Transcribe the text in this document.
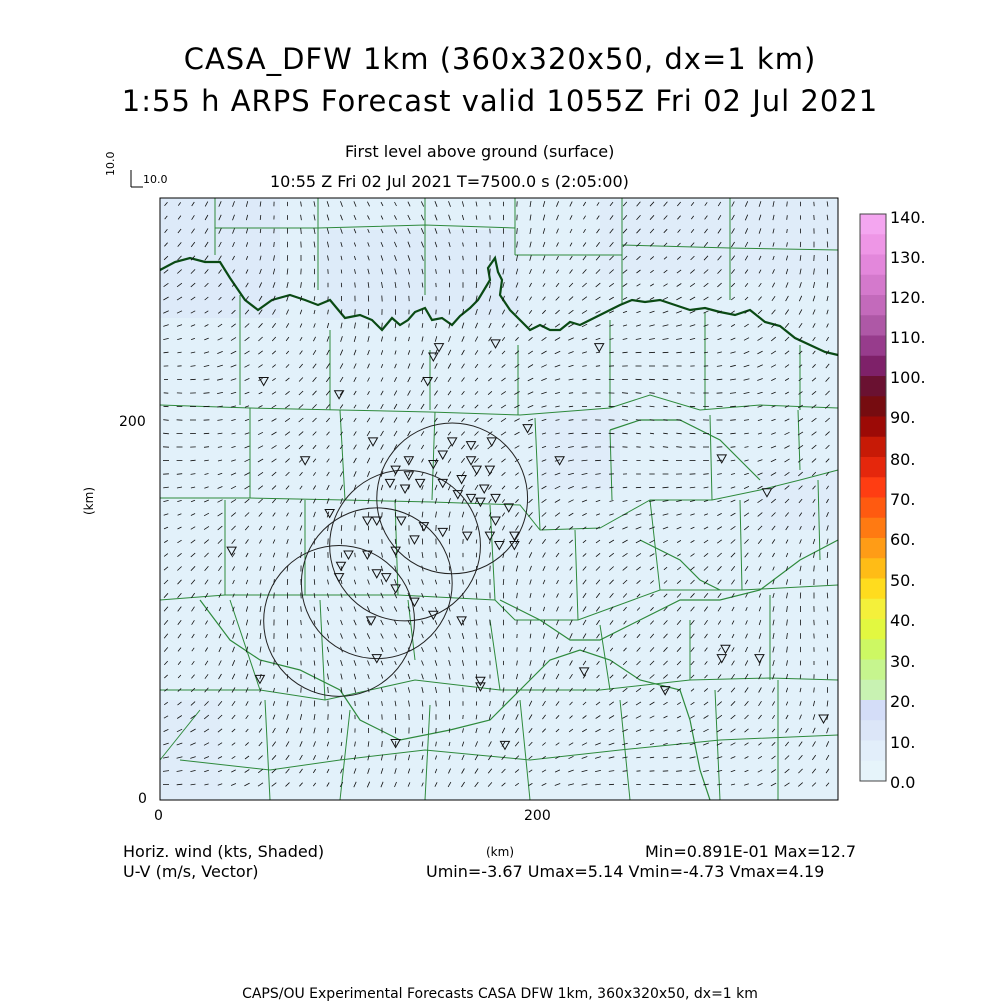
CASA_DFW 1km (360x320x50, dx=1 km)
1:55 h ARPS Forecast valid 1055Z Fri 02 Jul 2021
First level above ground (surface)
10:55 Z Fri 02 Jul 2021 T=7500.0 s (2:05:00)
10.0
10.0
200
0
0	200
(km)
140.
130.
120.
110.
100.
90.
80.
70.
60.
50.
40.
30.
20.
10.
0.0
Horiz. wind (kts, Shaded)
U-V (m/s, Vector)
(km)	Min=0.891E-01 Max=12.7
Umin=-3.67 Umax=5.14 Vmin=-4.73 Vmax=4.19
CAPS/OU Experimental Forecasts CASA DFW 1km, 360x320x50, dx=1 km
